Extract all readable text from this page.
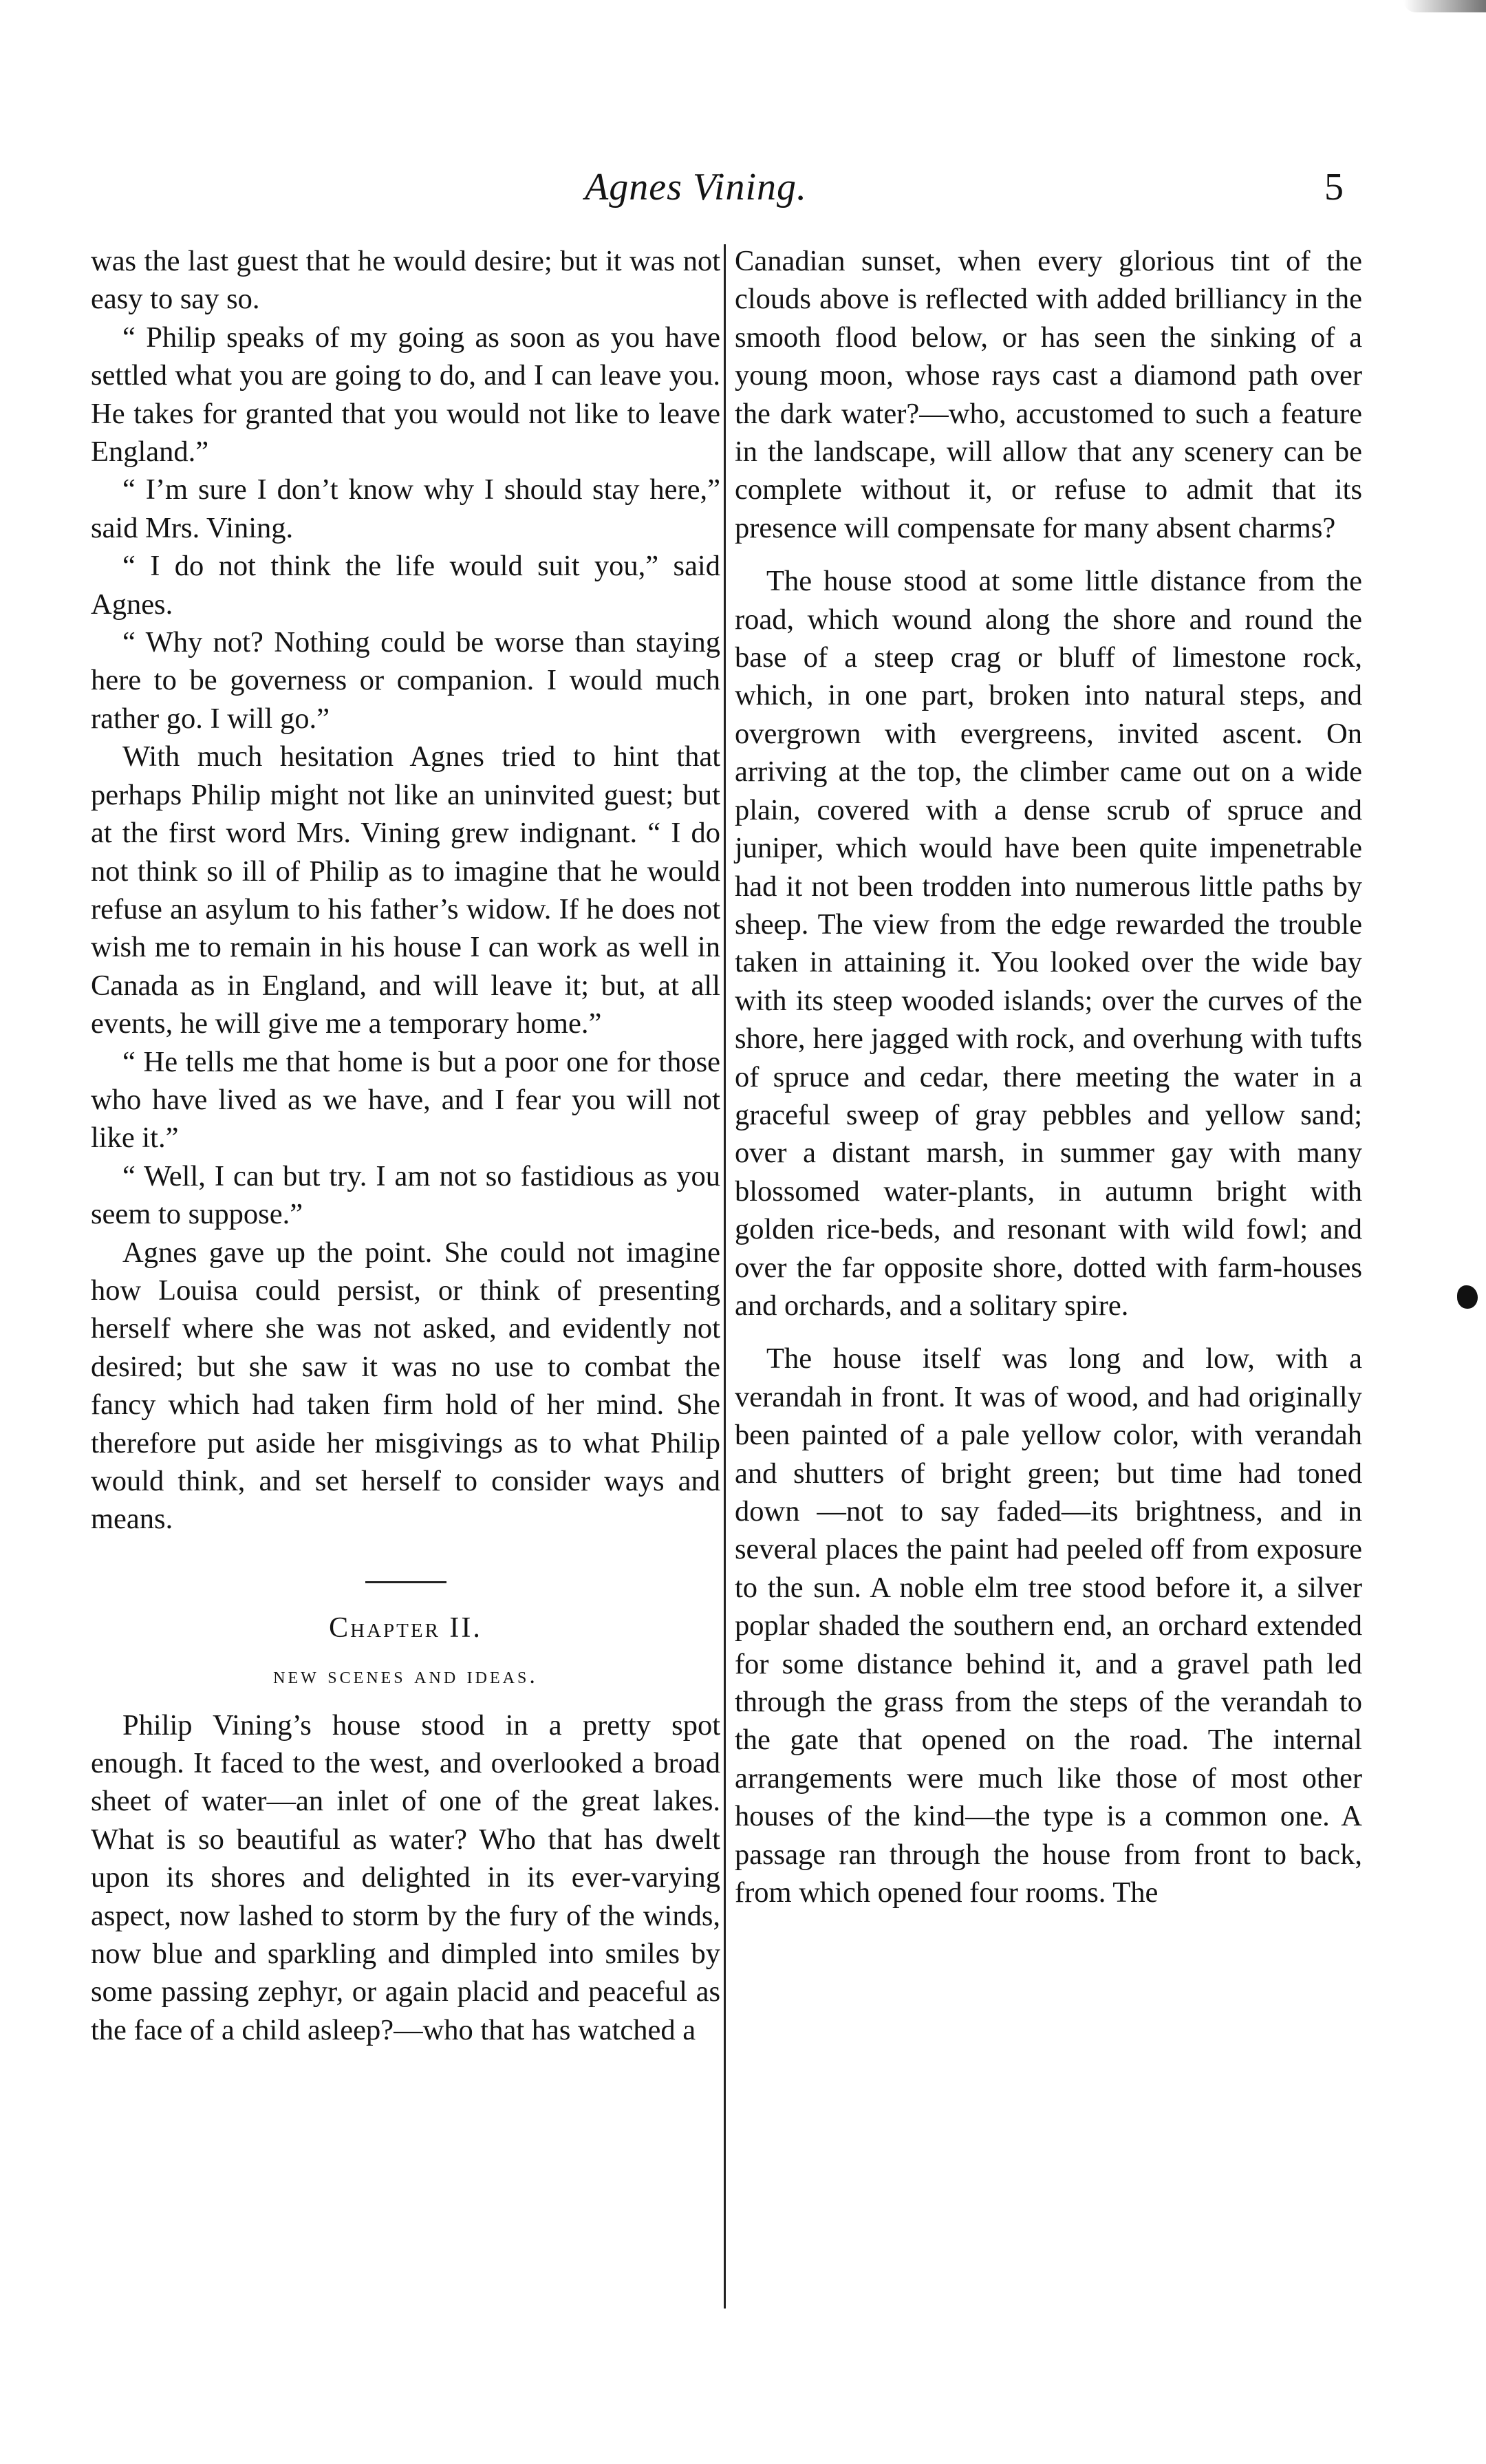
Agnes Vining.	5

was the last guest that he would desire; but it was not easy to say so.

“ Philip speaks of my going as soon as you have settled what you are going to do, and I can leave you. He takes for granted that you would not like to leave England.”

“ I’m sure I don’t know why I should stay here,” said Mrs. Vining.

“ I do not think the life would suit you,” said Agnes.

“ Why not? Nothing could be worse than staying here to be governess or companion. I would much rather go. I will go.”

With much hesitation Agnes tried to hint that perhaps Philip might not like an uninvited guest; but at the first word Mrs. Vining grew indignant. “ I do not think so ill of Philip as to imagine that he would refuse an asylum to his father’s widow. If he does not wish me to remain in his house I can work as well in Canada as in England, and will leave it; but, at all events, he will give me a temporary home.”

“ He tells me that home is but a poor one for those who have lived as we have, and I fear you will not like it.”

“ Well, I can but try. I am not so fastidious as you seem to suppose.”

Agnes gave up the point. She could not imagine how Louisa could persist, or think of presenting herself where she was not asked, and evidently not desired; but she saw it was no use to combat the fancy which had taken firm hold of her mind. She therefore put aside her misgivings as to what Philip would think, and set herself to consider ways and means.

Chapter II.

new scenes and ideas.

Philip Vining’s house stood in a pretty spot enough. It faced to the west, and overlooked a broad sheet of water—an inlet of one of the great lakes. What is so beautiful as water? Who that has dwelt upon its shores and delighted in its ever-varying aspect, now lashed to storm by the fury of the winds, now blue and sparkling and dimpled into smiles by some passing zephyr, or again placid and peaceful as the face of a child asleep?—who that has watched a

Canadian sunset, when every glorious tint of the clouds above is reflected with added brilliancy in the smooth flood below, or has seen the sinking of a young moon, whose rays cast a diamond path over the dark water?—who, accustomed to such a feature in the landscape, will allow that any scenery can be complete without it, or refuse to admit that its presence will compensate for many absent charms?

The house stood at some little distance from the road, which wound along the shore and round the base of a steep crag or bluff of limestone rock, which, in one part, broken into natural steps, and overgrown with evergreens, invited ascent. On arriving at the top, the climber came out on a wide plain, covered with a dense scrub of spruce and juniper, which would have been quite impenetrable had it not been trodden into numerous little paths by sheep. The view from the edge rewarded the trouble taken in attaining it. You looked over the wide bay with its steep wooded islands; over the curves of the shore, here jagged with rock, and overhung with tufts of spruce and cedar, there meeting the water in a graceful sweep of gray pebbles and yellow sand; over a distant marsh, in summer gay with many blossomed water-plants, in autumn bright with golden rice-beds, and resonant with wild fowl; and over the far opposite shore, dotted with farm-houses and orchards, and a solitary spire.

The house itself was long and low, with a verandah in front. It was of wood, and had originally been painted of a pale yellow color, with verandah and shutters of bright green; but time had toned down —not to say faded—its brightness, and in several places the paint had peeled off from exposure to the sun. A noble elm tree stood before it, a silver poplar shaded the southern end, an orchard extended for some distance behind it, and a gravel path led through the grass from the steps of the verandah to the gate that opened on the road. The internal arrangements were much like those of most other houses of the kind—the type is a common one. A passage ran through the house from front to back, from which opened four rooms. The
